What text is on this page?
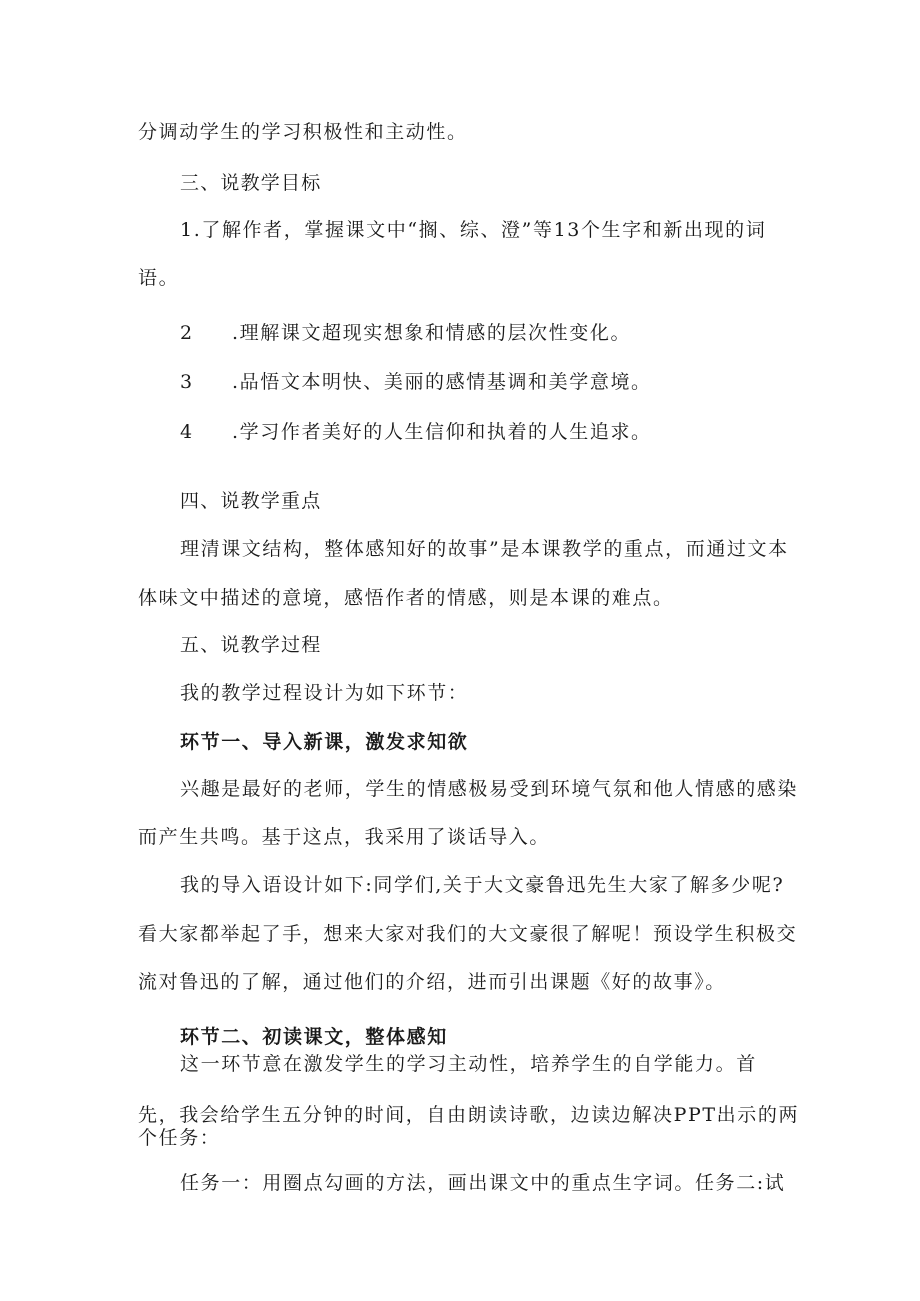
分调动学生的学习积极性和主动性。
三、说教学目标
1.了解作者，掌握课文中“搁、综、澄”等13个生字和新出现的词
语。
2 .理解课文超现实想象和情感的层次性变化。
3 .品悟文本明快、美丽的感情基调和美学意境。
4 .学习作者美好的人生信仰和执着的人生追求。
四、说教学重点
理清课文结构，整体感知好的故事”是本课教学的重点，而通过文本
体味文中描述的意境，感悟作者的情感，则是本课的难点。
五、说教学过程
我的教学过程设计为如下环节：
环节一、导入新课，激发求知欲
兴趣是最好的老师，学生的情感极易受到环境气氛和他人情感的感染
而产生共鸣。基于这点，我采用了谈话导入。
我的导入语设计如下:同学们,关于大文豪鲁迅先生大家了解多少呢?
看大家都举起了手，想来大家对我们的大文豪很了解呢！预设学生积极交
流对鲁迅的了解，通过他们的介绍，进而引出课题《好的故事》。
环节二、初读课文，整体感知
这一环节意在激发学生的学习主动性，培养学生的自学能力。首
先，我会给学生五分钟的时间，自由朗读诗歌，边读边解决PPT出示的两
个任务：
任务一：用圈点勾画的方法，画出课文中的重点生字词。任务二:试
